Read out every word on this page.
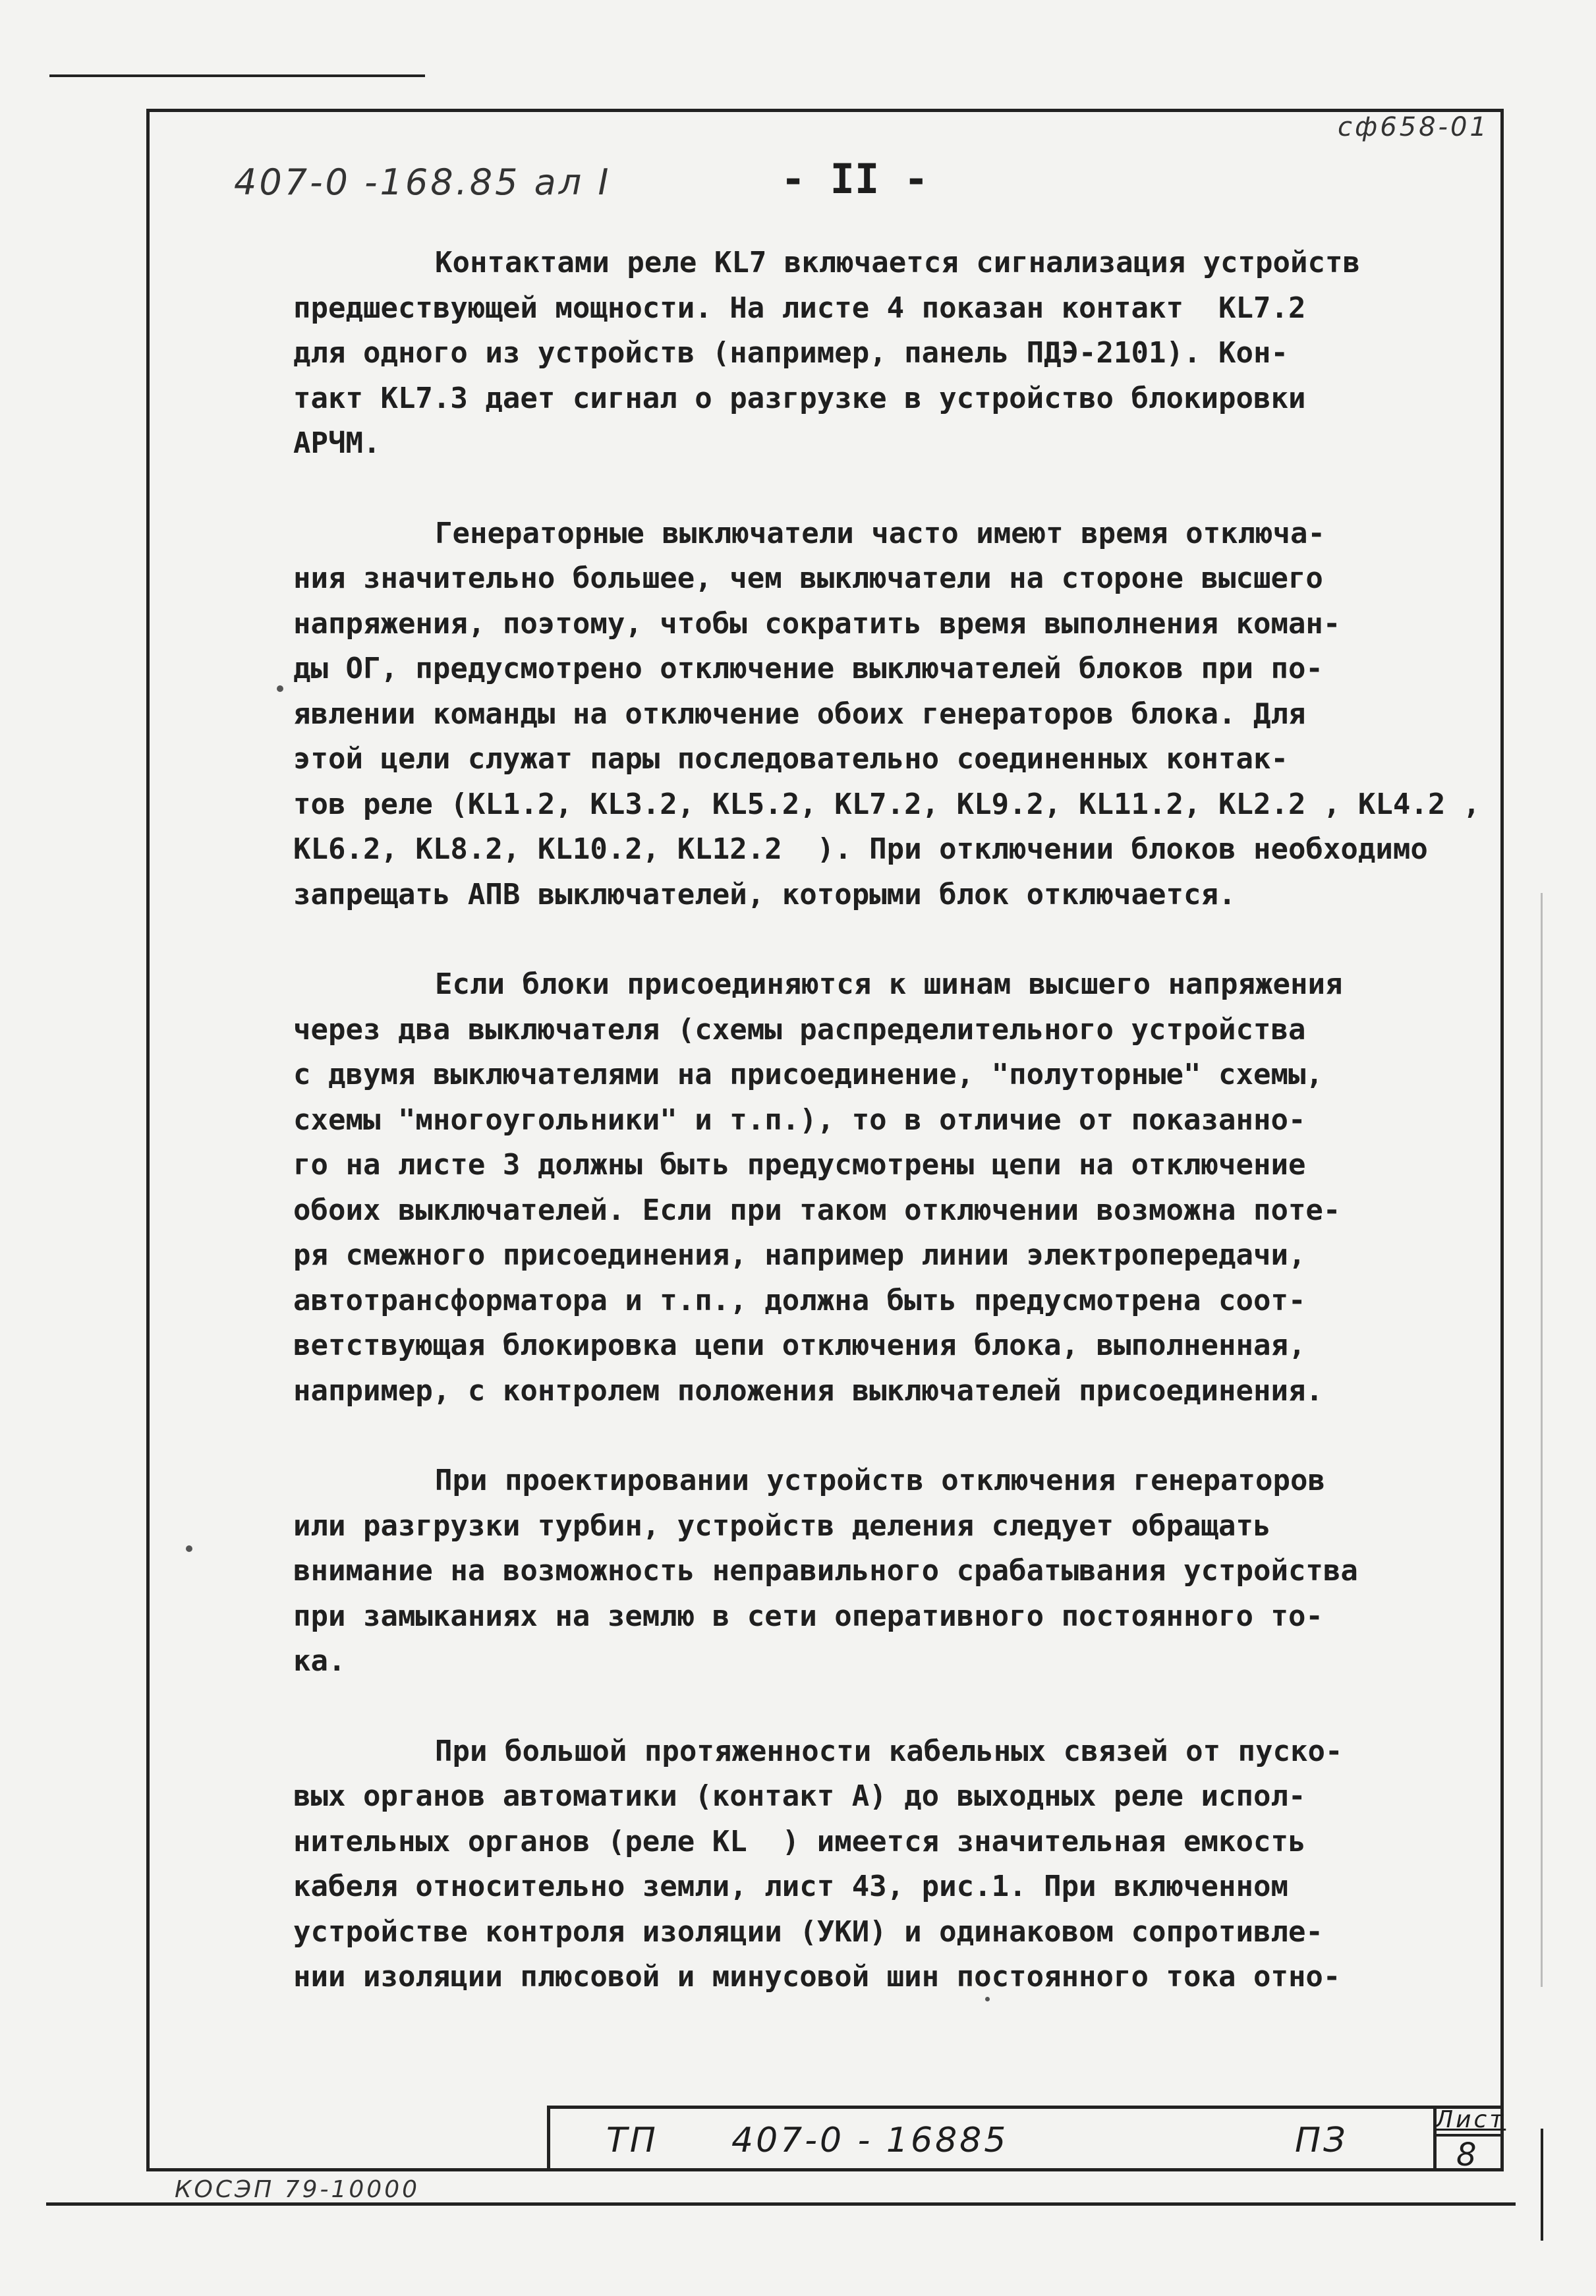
сф658-01
407-0 -168.85 ал I	- II -
Контактами реле KL7 включается сигнализация устройств
предшествующей мощности. На листе 4 показан контакт  KL7.2
для одного из устройств (например, панель ПДЭ-2101). Кон-
такт KL7.3 дает сигнал о разгрузке в устройство блокировки
АРЧМ.
Генераторные выключатели часто имеют время отключа-
ния значительно большее, чем выключатели на стороне высшего
напряжения, поэтому, чтобы сократить время выполнения коман-
ды ОГ, предусмотрено отключение выключателей блоков при по-
явлении команды на отключение обоих генераторов блока. Для
этой цели служат пары последовательно соединенных контак-
тов реле (KL1.2, KL3.2, KL5.2, KL7.2, KL9.2, KL11.2, KL2.2 , KL4.2 ,
KL6.2, KL8.2, KL10.2, KL12.2  ). При отключении блоков необходимо
запрещать АПВ выключателей, которыми блок отключается.
Если блоки присоединяются к шинам высшего напряжения
через два выключателя (схемы распределительного устройства
с двумя выключателями на присоединение, "полуторные" схемы,
схемы "многоугольники" и т.п.), то в отличие от показанно-
го на листе 3 должны быть предусмотрены цепи на отключение
обоих выключателей. Если при таком отключении возможна поте-
ря смежного присоединения, например линии электропередачи,
автотрансформатора и т.п., должна быть предусмотрена соот-
ветствующая блокировка цепи отключения блока, выполненная,
например, с контролем положения выключателей присоединения.
При проектировании устройств отключения генераторов
или разгрузки турбин, устройств деления следует обращать
внимание на возможность неправильного срабатывания устройства
при замыканиях на землю в сети оперативного постоянного то-
ка.
При большой протяженности кабельных связей от пуско-
вых органов автоматики (контакт А) до выходных реле испол-
нительных органов (реле KL  ) имеется значительная емкость
кабеля относительно земли, лист 43, рис.1. При включенном
устройстве контроля изоляции (УКИ) и одинаковом сопротивле-
нии изоляции плюсовой и минусовой шин постоянного тока отно-
ТП 407-0 - 16885	ПЗ
Лист
8
КОСЭП 79-10000
